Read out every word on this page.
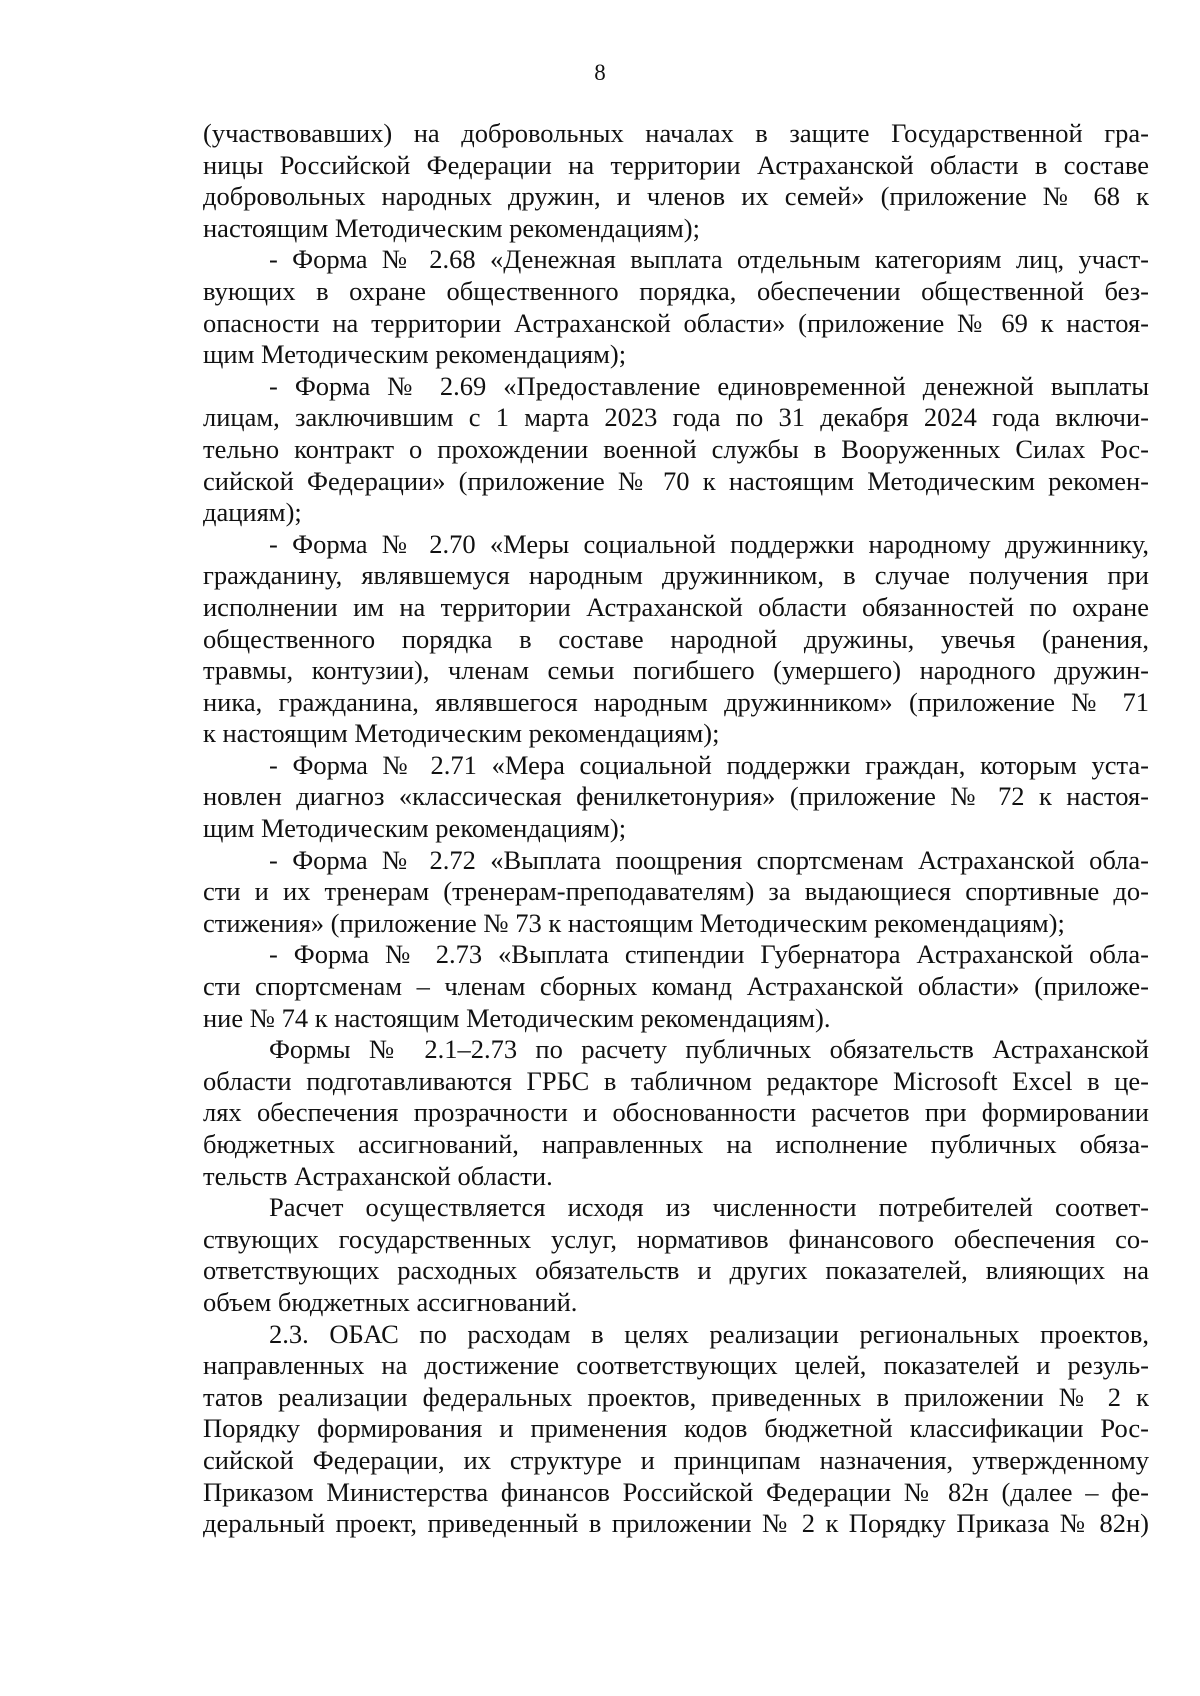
8
(участвовавших) на добровольных началах в защите Государственной гра-
ницы Российской Федерации на территории Астраханской области в составе
добровольных народных дружин, и членов их семей» (приложение № 68 к
настоящим Методическим рекомендациям);
- Форма № 2.68 «Денежная выплата отдельным категориям лиц, участ-
вующих в охране общественного порядка, обеспечении общественной без-
опасности на территории Астраханской области» (приложение № 69 к настоя-
щим Методическим рекомендациям);
- Форма № 2.69 «Предоставление единовременной денежной выплаты
лицам, заключившим с 1 марта 2023 года по 31 декабря 2024 года включи-
тельно контракт о прохождении военной службы в Вооруженных Силах Рос-
сийской Федерации» (приложение № 70 к настоящим Методическим рекомен-
дациям);
- Форма № 2.70 «Меры социальной поддержки народному дружиннику,
гражданину, являвшемуся народным дружинником, в случае получения при
исполнении им на территории Астраханской области обязанностей по охране
общественного порядка в составе народной дружины, увечья (ранения,
травмы, контузии), членам семьи погибшего (умершего) народного дружин-
ника, гражданина, являвшегося народным дружинником» (приложение № 71
к настоящим Методическим рекомендациям);
- Форма № 2.71 «Мера социальной поддержки граждан, которым уста-
новлен диагноз «классическая фенилкетонурия» (приложение № 72 к настоя-
щим Методическим рекомендациям);
- Форма № 2.72 «Выплата поощрения спортсменам Астраханской обла-
сти и их тренерам (тренерам-преподавателям) за выдающиеся спортивные до-
стижения» (приложение № 73 к настоящим Методическим рекомендациям);
- Форма № 2.73 «Выплата стипендии Губернатора Астраханской обла-
сти спортсменам – членам сборных команд Астраханской области» (приложе-
ние № 74 к настоящим Методическим рекомендациям).
Формы № 2.1–2.73 по расчету публичных обязательств Астраханской
области подготавливаются ГРБС в табличном редакторе Microsoft Excel в це-
лях обеспечения прозрачности и обоснованности расчетов при формировании
бюджетных ассигнований, направленных на исполнение публичных обяза-
тельств Астраханской области.
Расчет осуществляется исходя из численности потребителей соответ-
ствующих государственных услуг, нормативов финансового обеспечения со-
ответствующих расходных обязательств и других показателей, влияющих на
объем бюджетных ассигнований.
2.3. ОБАС по расходам в целях реализации региональных проектов,
направленных на достижение соответствующих целей, показателей и резуль-
татов реализации федеральных проектов, приведенных в приложении № 2 к
Порядку формирования и применения кодов бюджетной классификации Рос-
сийской Федерации, их структуре и принципам назначения, утвержденному
Приказом Министерства финансов Российской Федерации № 82н (далее – фе-
деральный проект, приведенный в приложении № 2 к Порядку Приказа № 82н)
